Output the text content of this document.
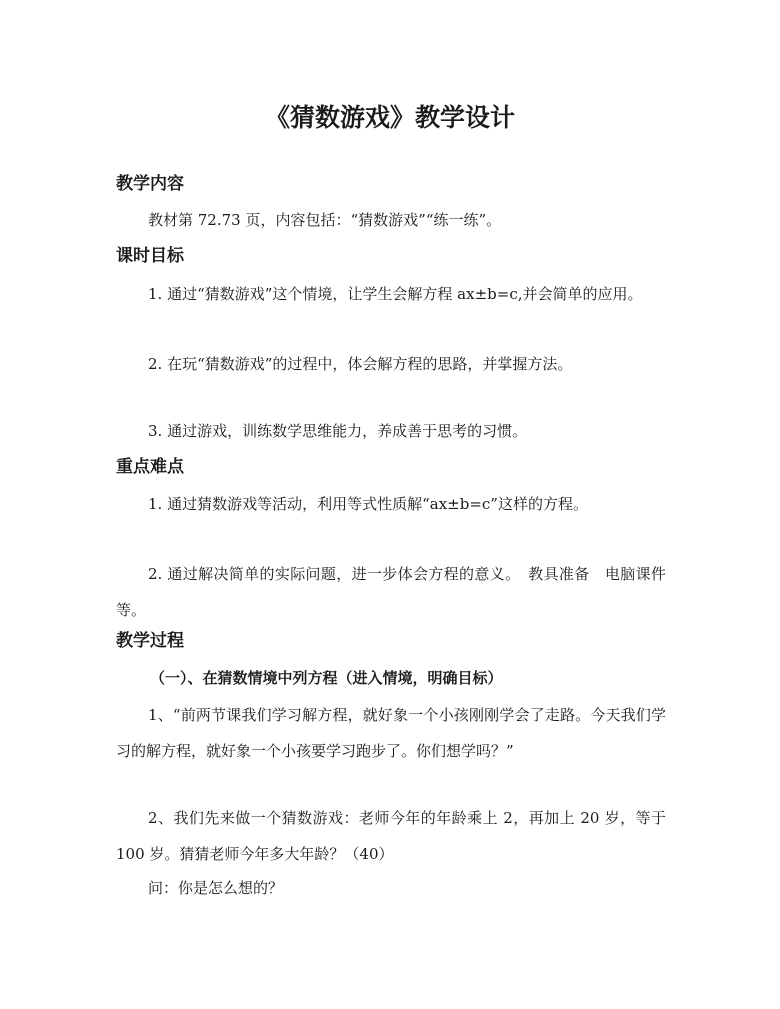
《猜数游戏》教学设计
教学内容

教材第 72.73 页，内容包括：“猜数游戏”“练一练”。

课时目标

1. 通过“猜数游戏”这个情境，让学生会解方程 ax±b=c,并会简单的应用。

2. 在玩“猜数游戏”的过程中，体会解方程的思路，并掌握方法。

3. 通过游戏，训练数学思维能力，养成善于思考的习惯。

重点难点

1. 通过猜数游戏等活动，利用等式性质解“ax±b=c”这样的方程。

2. 通过解决简单的实际问题，进一步体会方程的意义。　教具准备　电脑课件等。

教学过程
（一）、在猜数情境中列方程（进入情境，明确目标）

1、“前两节课我们学习解方程，就好象一个小孩刚刚学会了走路。今天我们学习的解方程，就好象一个小孩要学习跑步了。你们想学吗？”

2、我们先来做一个猜数游戏：老师今年的年龄乘上 2，再加上 20 岁，等于 100 岁。猜猜老师今年多大年龄？（40）

问：你是怎么想的？
